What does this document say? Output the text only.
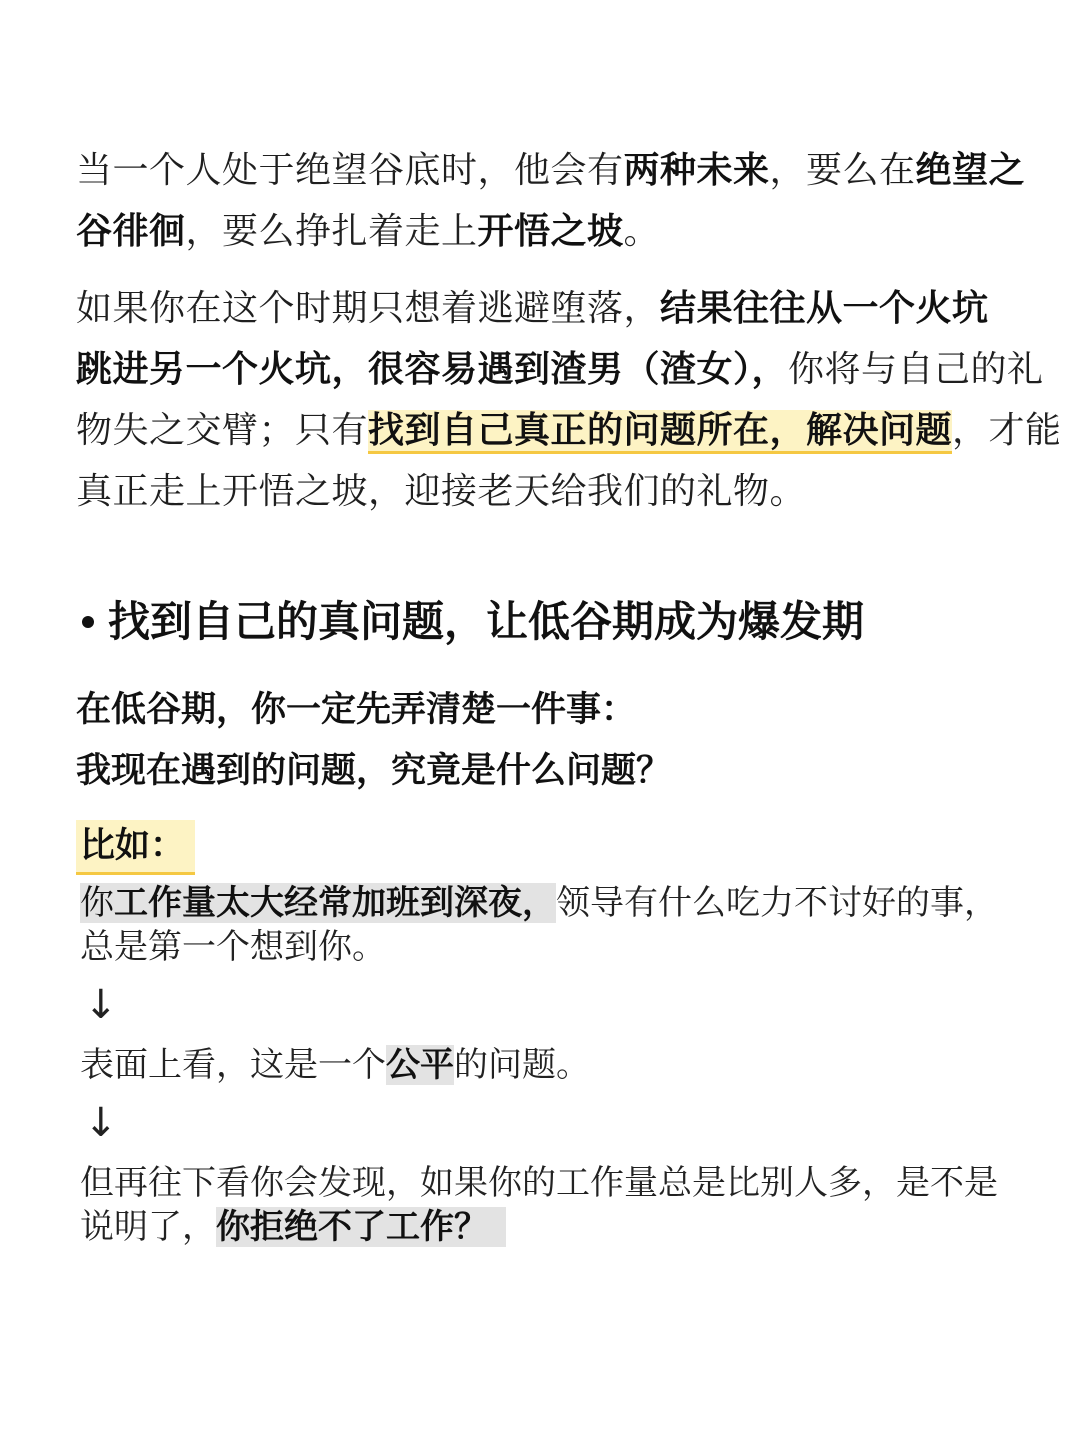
当一个人处于绝望谷底时，他会有两种未来，要么在绝望之
谷徘徊，要么挣扎着走上开悟之坡。
如果你在这个时期只想着逃避堕落，结果往往从一个火坑
跳进另一个火坑，很容易遇到渣男（渣女），你将与自己的礼
物失之交臂；只有找到自己真正的问题所在，解决问题，才能
真正走上开悟之坡，迎接老天给我们的礼物。
找到自己的真问题，让低谷期成为爆发期
在低谷期，你一定先弄清楚一件事：
我现在遇到的问题，究竟是什么问题？
比如：
你工作量太大经常加班到深夜，领导有什么吃力不讨好的事，
总是第一个想到你。
↓
表面上看，这是一个公平的问题。
↓
但再往下看你会发现，如果你的工作量总是比别人多，是不是
说明了，你拒绝不了工作？
